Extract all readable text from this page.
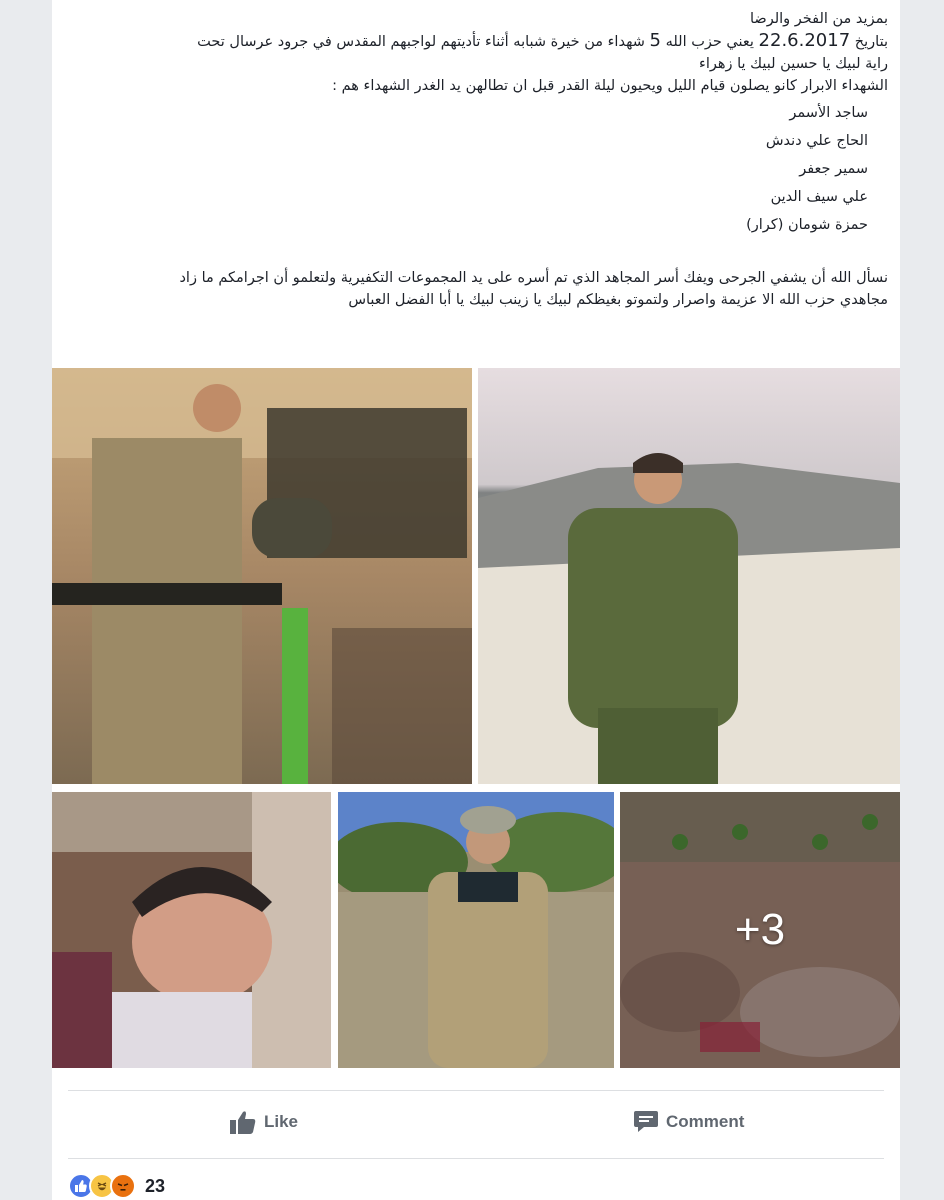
بمزيد من الفخر والرضا
بتاريخ 22.6.2017 يعني حزب الله 5 شهداء من خيرة شبابه أثناء تأديتهم لواجبهم المقدس في جرود عرسال تحت
راية لبيك يا حسين لبيك يا زهراء
الشهداء الابرار كانو يصلون قيام الليل ويحيون ليلة القدر قبل ان تطالهن يد الغدر الشهداء هم :
ساجد الأسمر
الحاج علي دندش
سمير جعفر
علي سيف الدين
حمزة شومان (كرار)
نسأل الله أن يشفي الجرحى ويفك أسر المجاهد الذي تم أسره على يد المجموعات التكفيرية ولتعلمو أن اجرامكم ما زاد
مجاهدي حزب الله الا عزيمة واصرار ولتموتو بغيظكم لبيك يا زينب لبيك يا أبا الفضل العباس
+3
Like	Comment
23
